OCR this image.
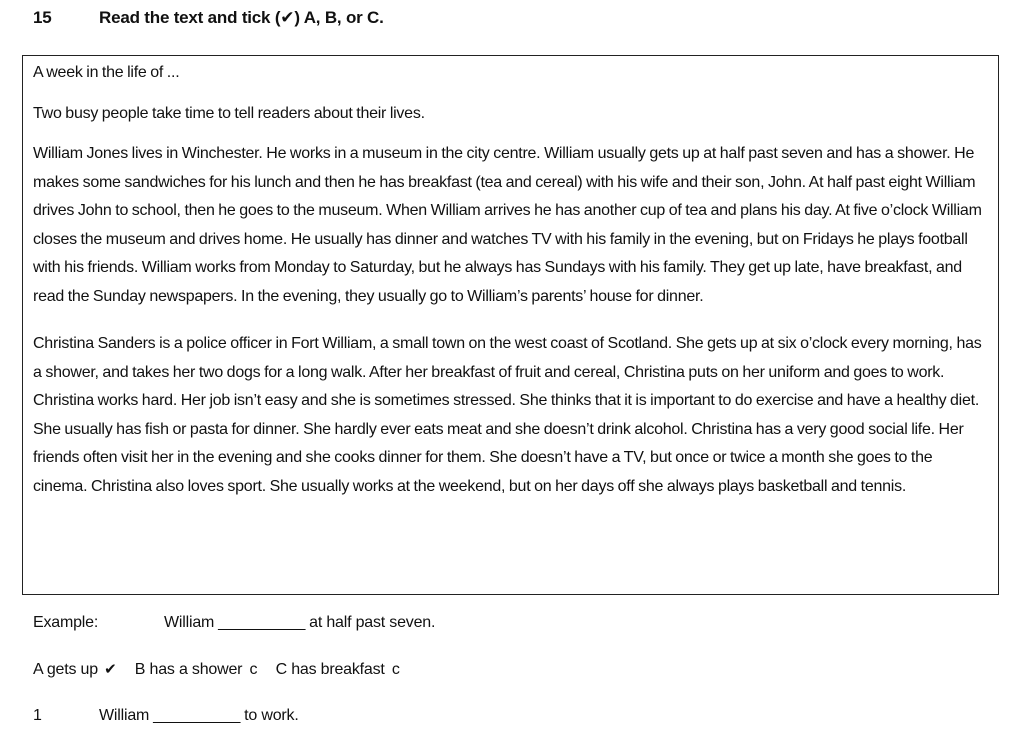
15	Read the text and tick (✔) A, B, or C.

A week in the life of ...

Two busy people take time to tell readers about their lives.

William Jones lives in Winchester. He works in a museum in the city centre. William usually gets up at half past seven and has a shower. He makes some sandwiches for his lunch and then he has breakfast (tea and cereal) with his wife and their son, John. At half past eight William drives John to school, then he goes to the museum. When William arrives he has another cup of tea and plans his day. At five o’clock William closes the museum and drives home. He usually has dinner and watches TV with his family in the evening, but on Fridays he plays football with his friends. William works from Monday to Saturday, but he always has Sundays with his family. They get up late, have breakfast, and read the Sunday newspapers. In the evening, they usually go to William’s parents’ house for dinner.

Christina Sanders is a police officer in Fort William, a small town on the west coast of Scotland. She gets up at six o’clock every morning, has a shower, and takes her two dogs for a long walk. After her breakfast of fruit and cereal, Christina puts on her uniform and goes to work. Christina works hard. Her job isn’t easy and she is sometimes stressed. She thinks that it is important to do exercise and have a healthy diet. She usually has fish or pasta for dinner. She hardly ever eats meat and she doesn’t drink alcohol. Christina has a very good social life. Her friends often visit her in the evening and she cooks dinner for them. She doesn’t have a TV, but once or twice a month she goes to the cinema. Christina also loves sport. She usually works at the weekend, but on her days off she always plays basketball and tennis.

Example:	William __________ at half past seven.
A gets up ✔ B has a shower c C has breakfast c
1	William __________ to work.
